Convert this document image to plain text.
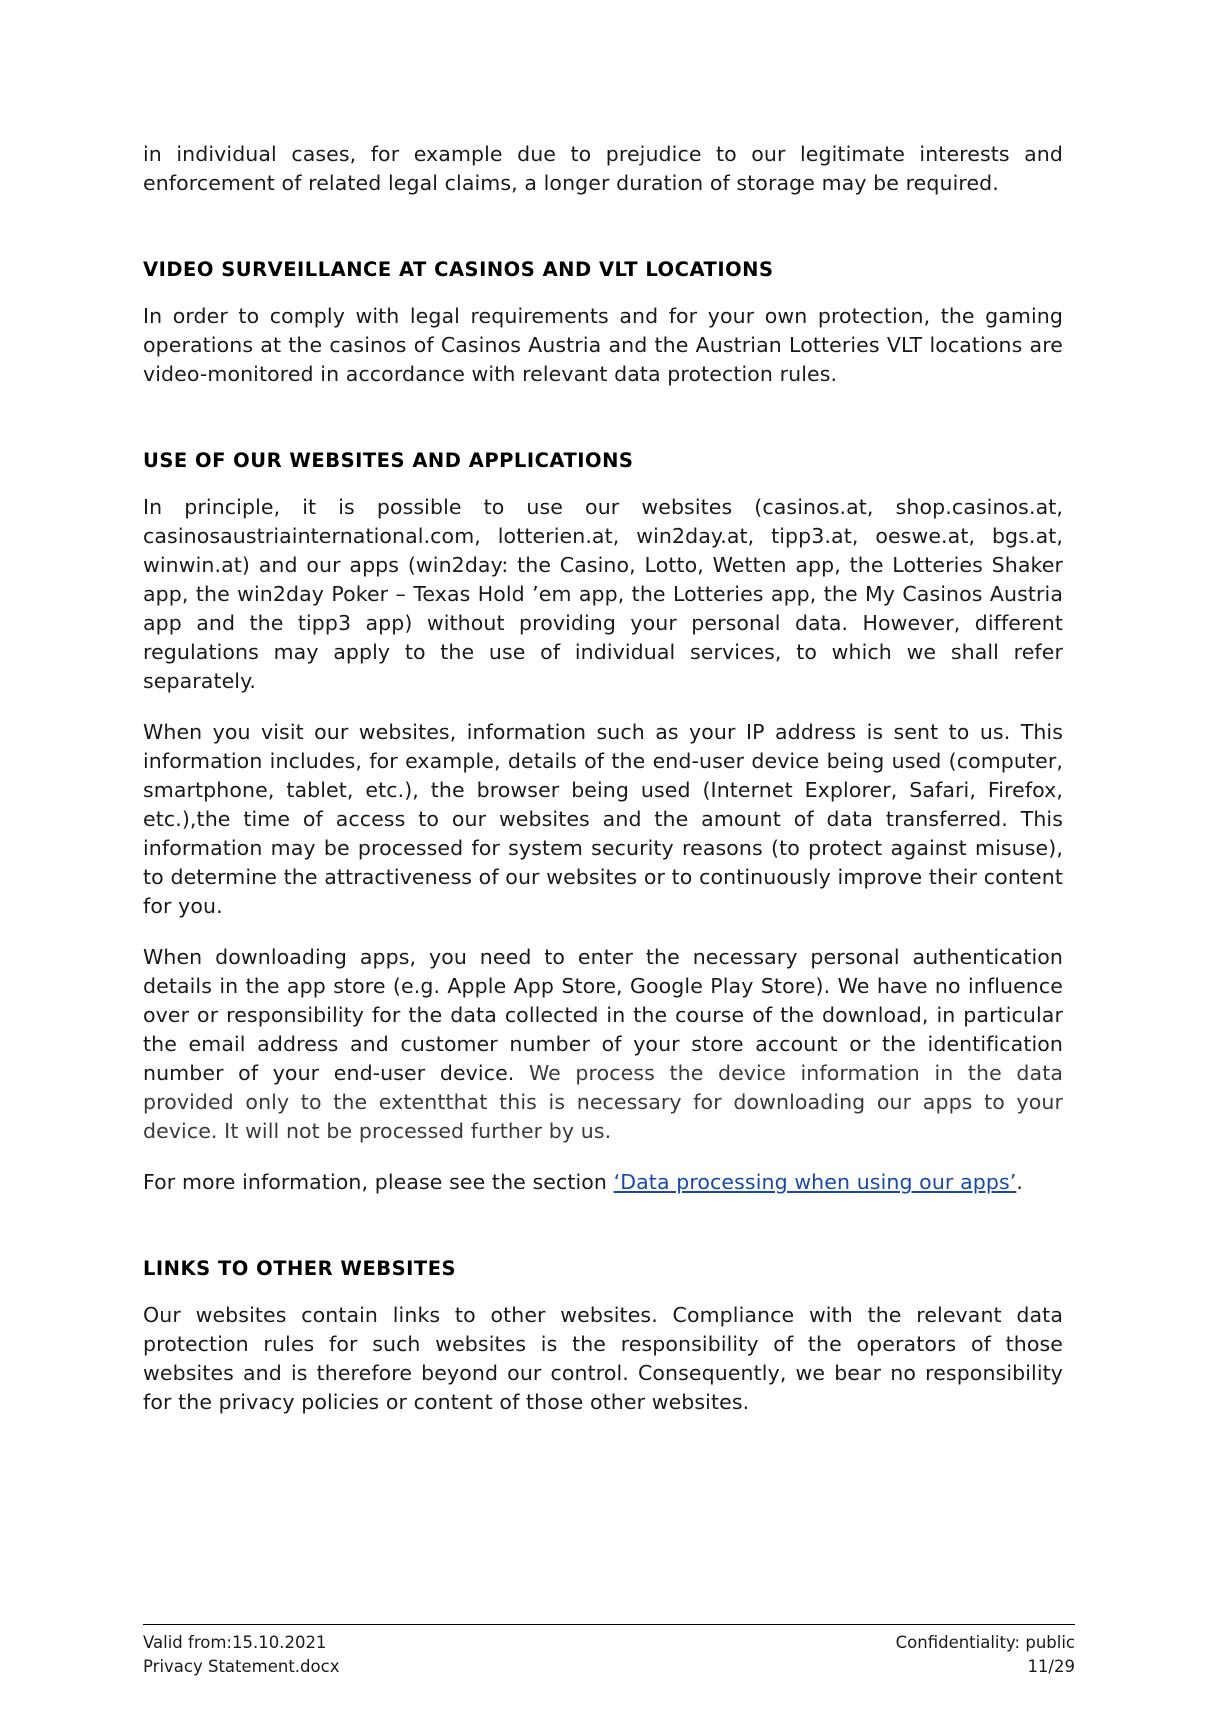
in individual cases, for example due to prejudice to our legitimate interests and enforcement of related legal claims, a longer duration of storage may be required.

VIDEO SURVEILLANCE AT CASINOS AND VLT LOCATIONS

In order to comply with legal requirements and for your own protection, the gaming operations at the casinos of Casinos Austria and the Austrian Lotteries VLT locations are video-monitored in accordance with relevant data protection rules.

USE OF OUR WEBSITES AND APPLICATIONS

In principle, it is possible to use our websites (casinos.at, shop.casinos.at, casinosaustriainternational.com, lotterien.at, win2day.at, tipp3.at, oeswe.at, bgs.at, winwin.at) and our apps (win2day: the Casino, Lotto, Wetten app, the Lotteries Shaker app, the win2day Poker – Texas Hold ’em app, the Lotteries app, the My Casinos Austria app and the tipp3 app) without providing your personal data. However, different regulations may apply to the use of individual services, to which we shall refer separately.

When you visit our websites, information such as your IP address is sent to us. This information includes, for example, details of the end-user device being used (computer, smartphone, tablet, etc.), the browser being used (Internet Explorer, Safari, Firefox, etc.),the time of access to our websites and the amount of data transferred. This information may be processed for system security reasons (to protect against misuse), to determine the attractiveness of our websites or to continuously improve their content for you.

When downloading apps, you need to enter the necessary personal authentication details in the app store (e.g. Apple App Store, Google Play Store). We have no influence over or responsibility for the data collected in the course of the download, in particular the email address and customer number of your store account or the identification number of your end-user device. We process the device information in the data provided only to the extentthat this is necessary for downloading our apps to your device. It will not be processed further by us.

For more information, please see the section ‘Data processing when using our apps’.

LINKS TO OTHER WEBSITES

Our websites contain links to other websites. Compliance with the relevant data protection rules for such websites is the responsibility of the operators of those websites and is therefore beyond our control. Consequently, we bear no responsibility for the privacy policies or content of those other websites.

Valid from:15.10.2021	Confidentiality: public
Privacy Statement.docx	11/29
